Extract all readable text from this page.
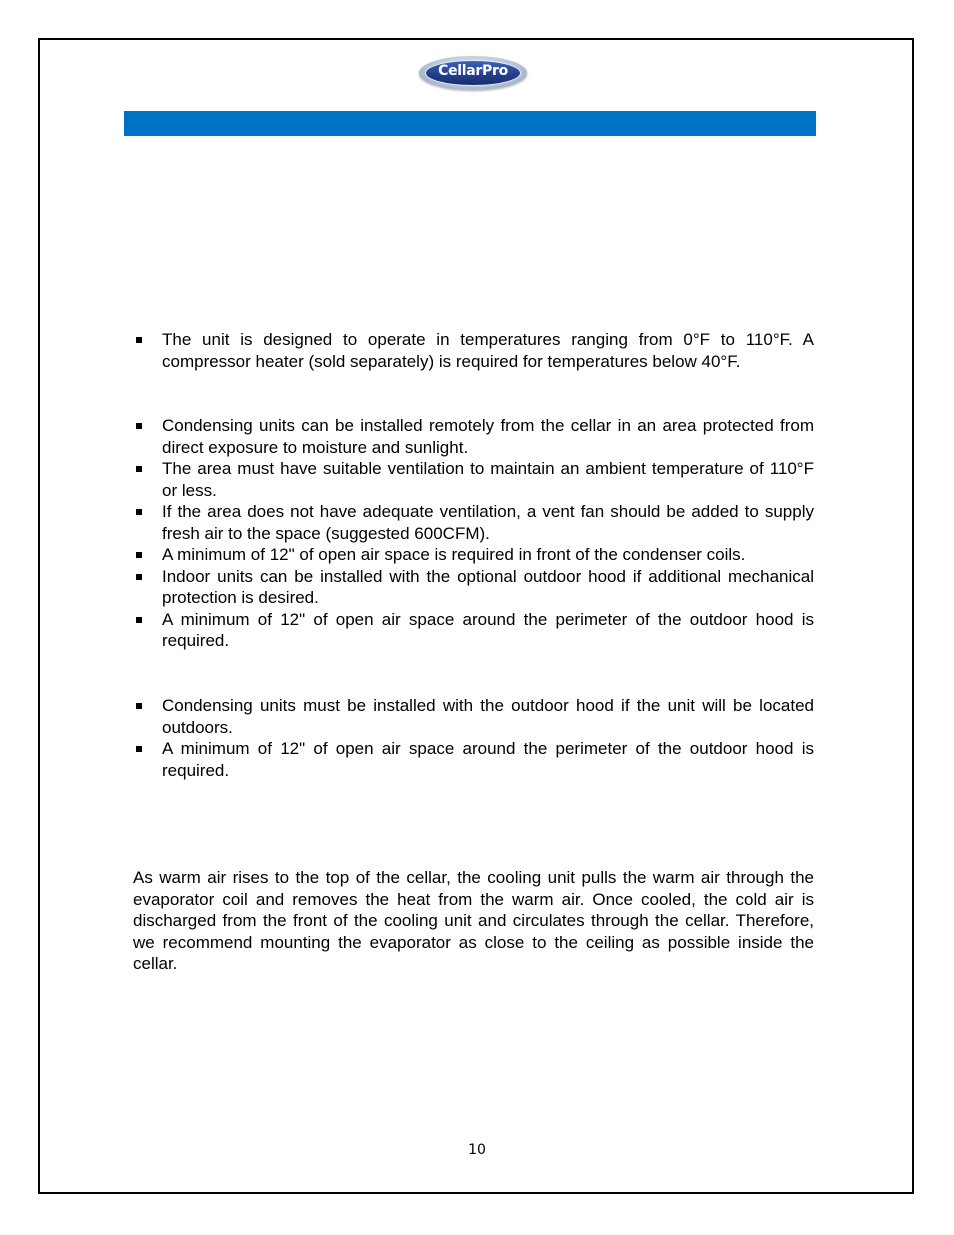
CellarPro
The unit is designed to operate in temperatures ranging from 0°F to 110°F. A compressor heater (sold separately) is required for temperatures below 40°F.
Condensing units can be installed remotely from the cellar in an area protected from direct exposure to moisture and sunlight.
The area must have suitable ventilation to maintain an ambient temperature of 110°F or less.
If the area does not have adequate ventilation, a vent fan should be added to supply fresh air to the space (suggested 600CFM).
A minimum of 12" of open air space is required in front of the condenser coils.
Indoor units can be installed with the optional outdoor hood if additional mechanical protection is desired.
A minimum of 12" of open air space around the perimeter of the outdoor hood is required.
Condensing units must be installed with the outdoor hood if the unit will be located outdoors.
A minimum of 12" of open air space around the perimeter of the outdoor hood is required.

As warm air rises to the top of the cellar, the cooling unit pulls the warm air through the evaporator coil and removes the heat from the warm air. Once cooled, the cold air is discharged from the front of the cooling unit and circulates through the cellar. Therefore, we recommend mounting the evaporator as close to the ceiling as possible inside the cellar.

10
